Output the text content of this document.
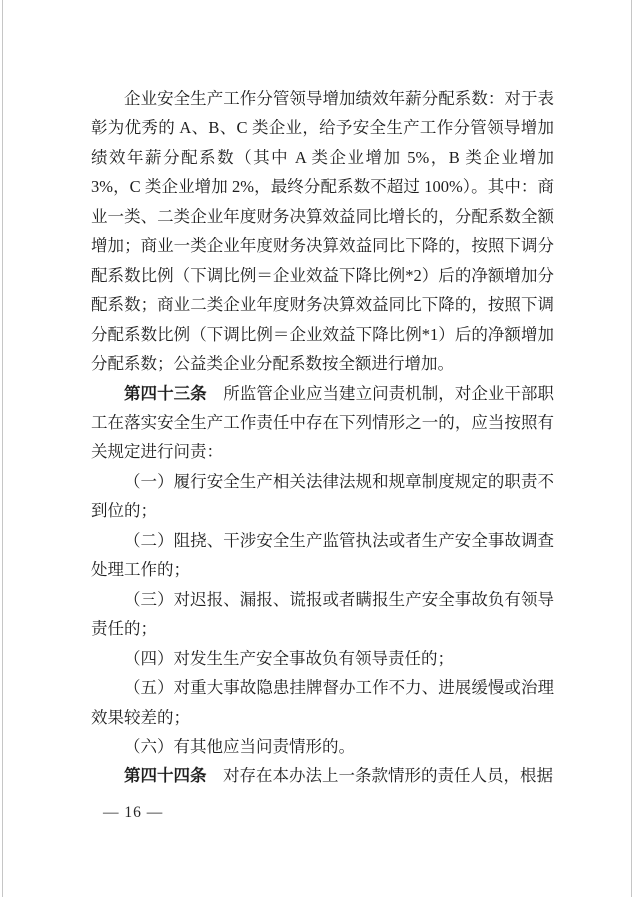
企业安全生产工作分管领导增加绩效年薪分配系数：对于表彰为优秀的 A、B、C 类企业，给予安全生产工作分管领导增加绩效年薪分配系数（其中 A 类企业增加 5%，B 类企业增加 3%，C 类企业增加 2%，最终分配系数不超过 100%）。其中：商业一类、二类企业年度财务决算效益同比增长的，分配系数全额增加；商业一类企业年度财务决算效益同比下降的，按照下调分配系数比例（下调比例＝企业效益下降比例*2）后的净额增加分配系数；商业二类企业年度财务决算效益同比下降的，按照下调分配系数比例（下调比例＝企业效益下降比例*1）后的净额增加分配系数；公益类企业分配系数按全额进行增加。

第四十三条　所监管企业应当建立问责机制，对企业干部职工在落实安全生产工作责任中存在下列情形之一的，应当按照有关规定进行问责：

（一）履行安全生产相关法律法规和规章制度规定的职责不到位的；

（二）阻挠、干涉安全生产监管执法或者生产安全事故调查处理工作的；

（三）对迟报、漏报、谎报或者瞒报生产安全事故负有领导责任的；

（四）对发生生产安全事故负有领导责任的；

（五）对重大事故隐患挂牌督办工作不力、进展缓慢或治理效果较差的；

（六）有其他应当问责情形的。

第四十四条　对存在本办法上一条款情形的责任人员，根据

— 16 —
